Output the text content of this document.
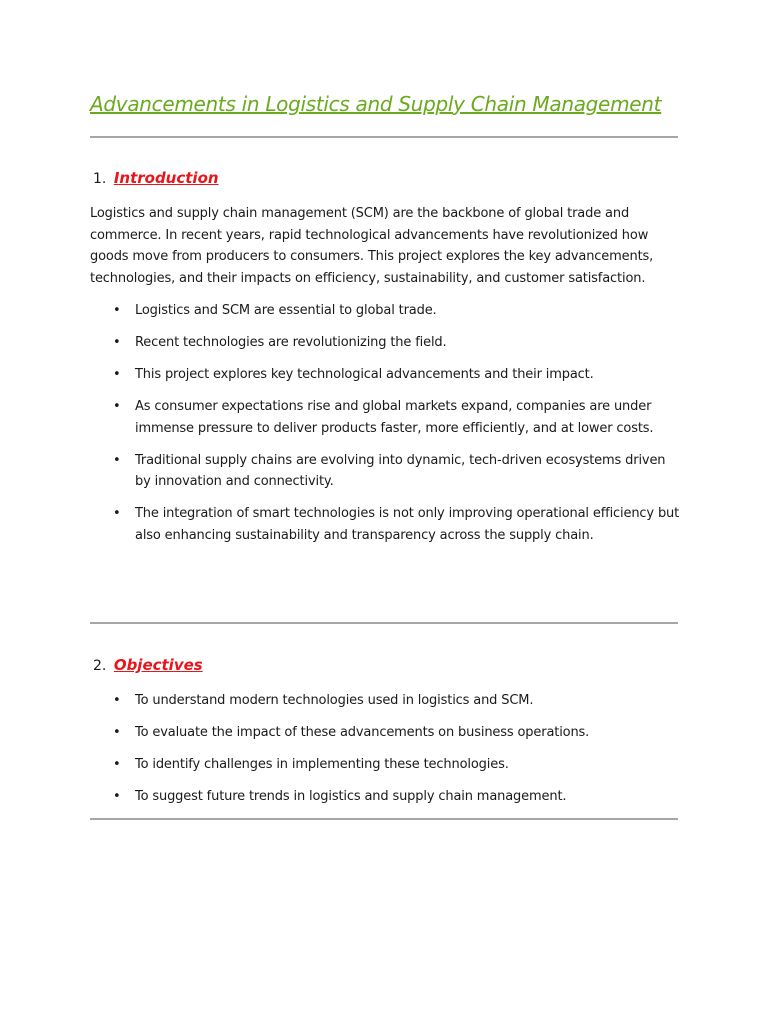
Advancements in Logistics and Supply Chain Management
1. Introduction

Logistics and supply chain management (SCM) are the backbone of global trade and commerce. In recent years, rapid technological advancements have revolutionized how goods move from producers to consumers. This project explores the key advancements, technologies, and their impacts on efficiency, sustainability, and customer satisfaction.

• Logistics and SCM are essential to global trade.
• Recent technologies are revolutionizing the field.
• This project explores key technological advancements and their impact.
• As consumer expectations rise and global markets expand, companies are under immense pressure to deliver products faster, more efficiently, and at lower costs.
• Traditional supply chains are evolving into dynamic, tech-driven ecosystems driven by innovation and connectivity.
• The integration of smart technologies is not only improving operational efficiency but also enhancing sustainability and transparency across the supply chain.
2. Objectives
• To understand modern technologies used in logistics and SCM.
• To evaluate the impact of these advancements on business operations.
• To identify challenges in implementing these technologies.
• To suggest future trends in logistics and supply chain management.
